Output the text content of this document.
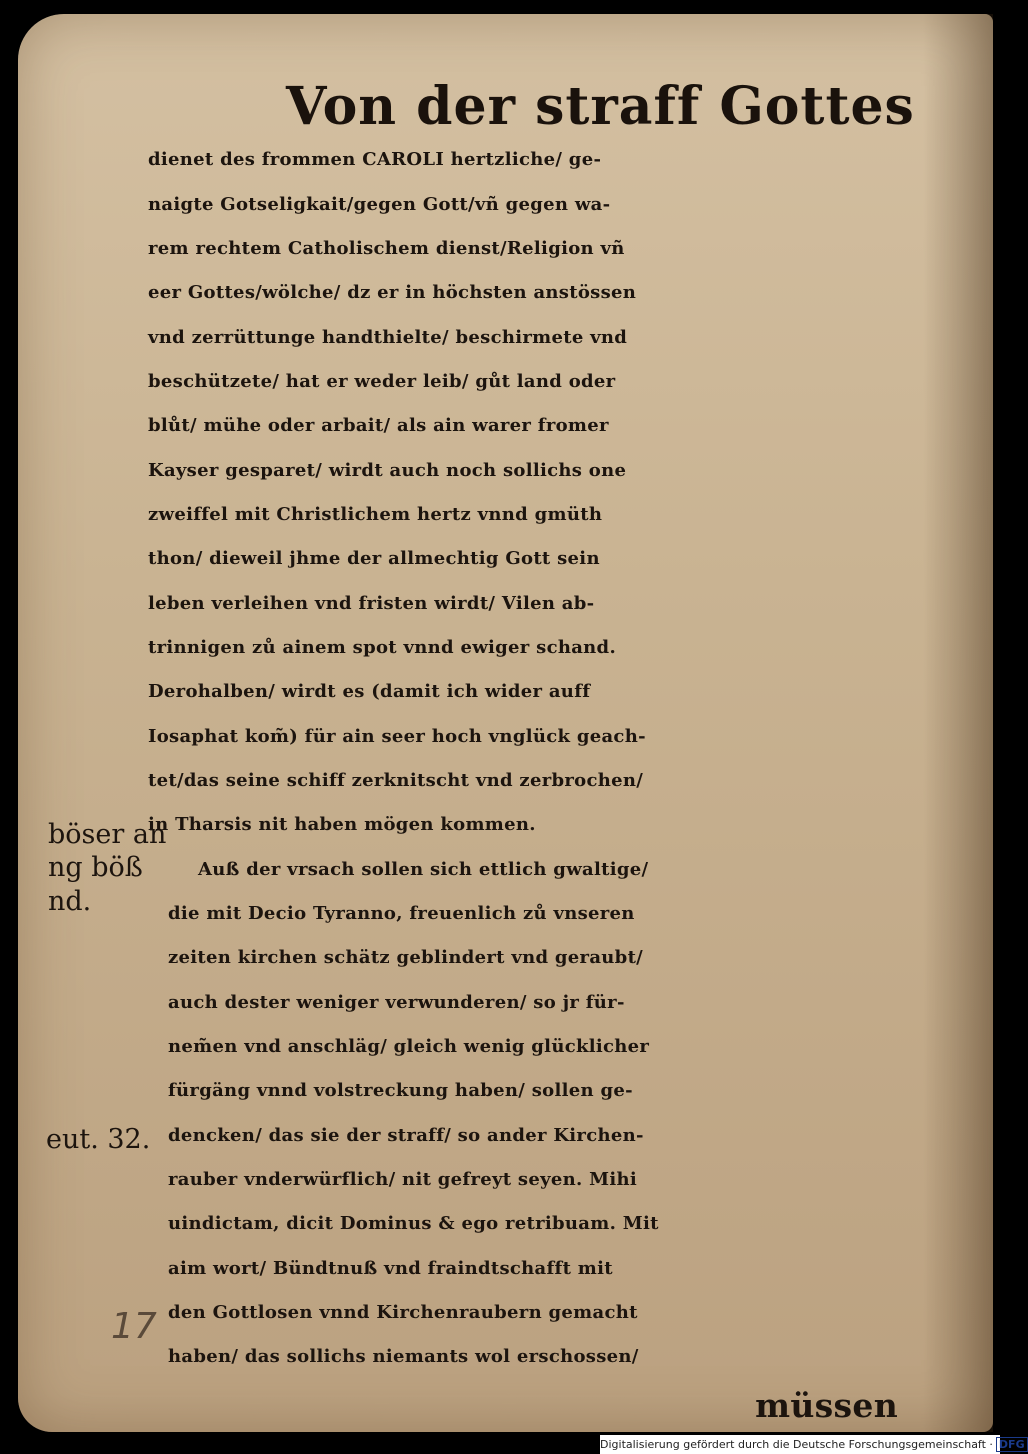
Von der straff Gottes
dienet des frommen CAROLI hertzliche/ ge-
naigte Gotseligkait/gegen Gott/vñ gegen wa-
rem rechtem Catholischem dienst/Religion vñ
eer Gottes/wölche/ dz er in höchsten anstössen
vnd zerrüttunge handthielte/ beschirmete vnd
beschützete/ hat er weder leib/ gůt land oder
blůt/ mühe oder arbait/ als ain warer fromer
Kayser gesparet/ wirdt auch noch sollichs one
zweiffel mit Christlichem hertz vnnd gmüth
thon/ dieweil jhme der allmechtig Gott sein
leben verleihen vnd fristen wirdt/ Vilen ab-
trinnigen zů ainem spot vnnd ewiger schand.
Derohalben/ wirdt es (damit ich wider auff
Iosaphat kom̃) für ain seer hoch vnglück geach-
tet/das seine schiff zerknitscht vnd zerbrochen/
in Tharsis nit haben mögen kommen.
Auß der vrsach sollen sich ettlich gwaltige/
die mit Decio Tyranno, freuenlich zů vnseren
zeiten kirchen schätz geblindert vnd geraubt/
auch dester weniger verwunderen/ so jr für-
nem̃en vnd anschläg/ gleich wenig glücklicher
fürgäng vnnd volstreckung haben/ sollen ge-
dencken/ das sie der straff/ so ander Kirchen-
rauber vnderwürflich/ nit gefreyt seyen. Mihi
uindictam, dicit Dominus & ego retribuam. Mit
aim wort/ Bündtnuß vnd fraindtschafft mit
den Gottlosen vnnd Kirchenraubern gemacht
haben/ das sollichs niemants wol erschossen/
müssen
böser an
ng böß
nd.
eut. 32.
17
Digitalisierung gefördert durch die Deutsche Forschungsgemeinschaft · DFG
